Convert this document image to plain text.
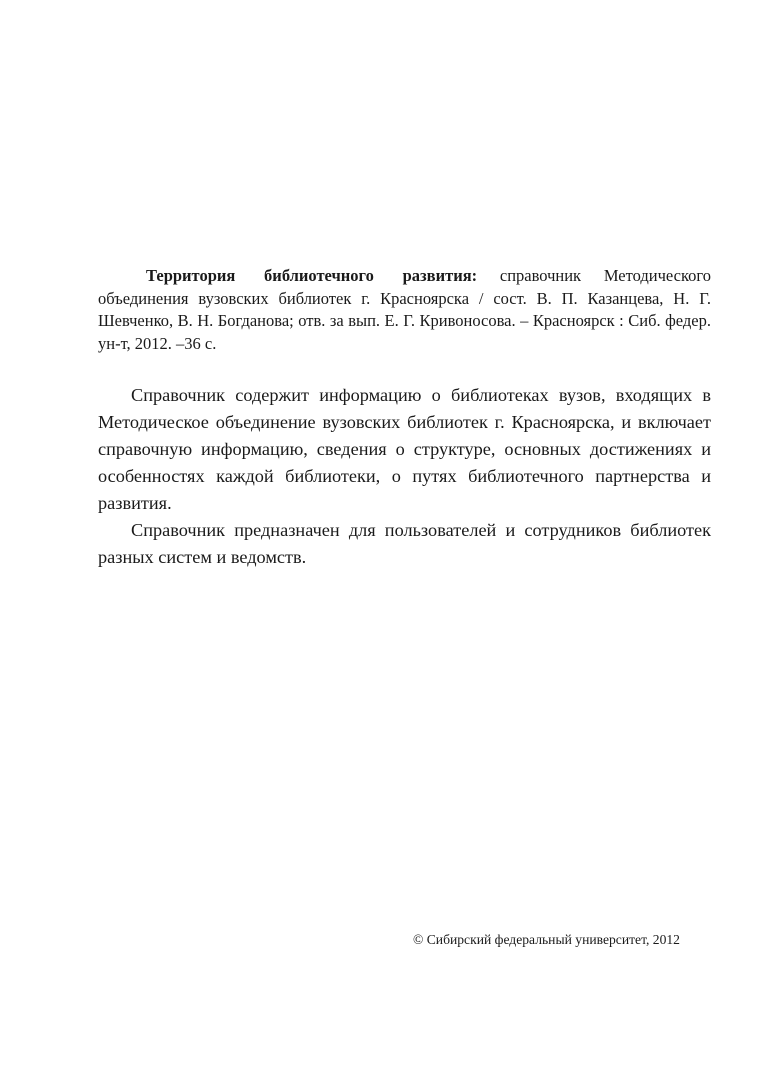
Территория библиотечного развития: справочник Методического объединения вузовских библиотек г. Красноярска / сост. В. П. Казанцева, Н. Г. Шевченко, В. Н. Богданова; отв. за вып. Е. Г. Кривоносова. – Красноярск : Сиб. федер. ун-т, 2012. –36 с.

Справочник содержит информацию о библиотеках вузов, входящих в Методическое объединение вузовских библиотек г. Красноярска, и включает справочную информацию, сведения о структуре, основных достижениях и особенностях каждой библиотеки, о путях библиотечного партнерства и развития.

Справочник предназначен для пользователей и сотрудников библиотек разных систем и ведомств.

© Сибирский федеральный университет, 2012
